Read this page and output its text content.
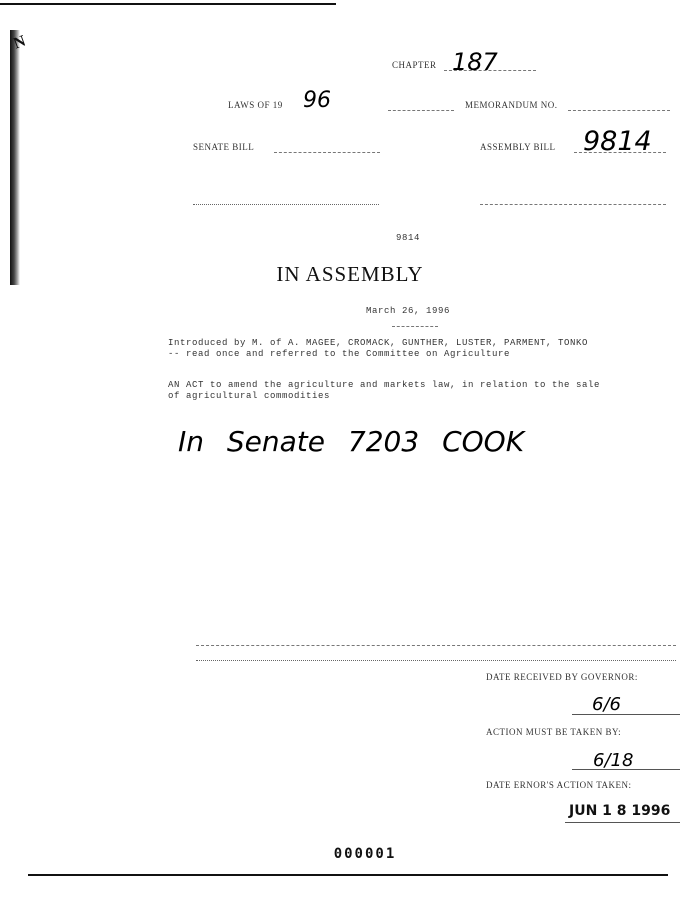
N
CHAPTER 187
LAWS OF 19 96	MEMORANDUM NO.
SENATE BILL	ASSEMBLY BILL 9814
9814
IN ASSEMBLY
March 26, 1996
Introduced by M. of A. MAGEE, CROMACK, GUNTHER, LUSTER, PARMENT, TONKO
-- read once and referred to the Committee on Agriculture
AN ACT to amend the agriculture and markets law, in relation to the sale
of agricultural commodities
In Senate 7203 COOK
DATE RECEIVED BY GOVERNOR:
6/6
ACTION MUST BE TAKEN BY:
6/18
DATE ERNOR'S ACTION TAKEN:
JUN 1 8 1996
000001
